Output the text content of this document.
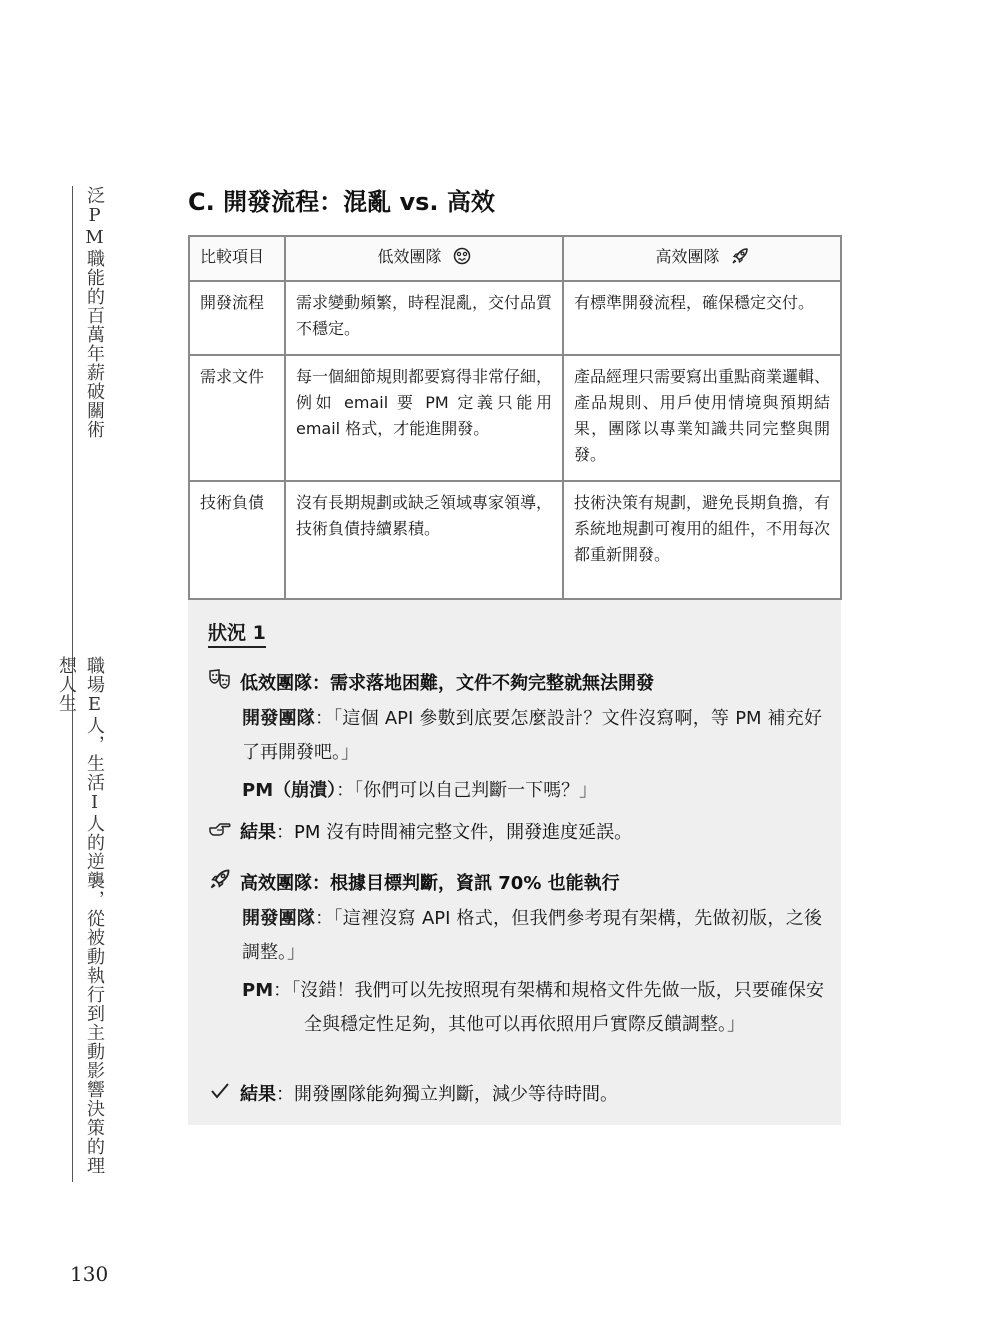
泛PM職能的百萬年薪破關術
職場E人，生活I人的逆襲，從被動執行到主動影響決策的理想人生
130
C. 開發流程：混亂 vs. 高效
比較項目	低效團隊	高效團隊
開發流程	需求變動頻繁，時程混亂，交付品質不穩定。	有標準開發流程，確保穩定交付。
需求文件	每一個細節規則都要寫得非常仔細，例如 email 要 PM 定義只能用 email 格式，才能進開發。	產品經理只需要寫出重點商業邏輯、產品規則、用戶使用情境與預期結果，團隊以專業知識共同完整與開發。
技術負債	沒有長期規劃或缺乏領域專家領導，技術負債持續累積。	技術決策有規劃，避免長期負擔，有系統地規劃可複用的組件，不用每次都重新開發。
狀況 1
低效團隊：需求落地困難，文件不夠完整就無法開發
開發團隊：「這個 API 參數到底要怎麼設計？文件沒寫啊，等 PM 補充好了再開發吧。」
PM（崩潰）：「你們可以自己判斷一下嗎？」
結果 ：PM 沒有時間補完整文件，開發進度延誤。
高效團隊：根據目標判斷，資訊 70% 也能執行
開發團隊：「這裡沒寫 API 格式，但我們參考現有架構，先做初版，之後調整。」
PM：「沒錯！我們可以先按照現有架構和規格文件先做一版，只要確保安全與穩定性足夠，其他可以再依照用戶實際反饋調整。」
結果 ：開發團隊能夠獨立判斷，減少等待時間。
